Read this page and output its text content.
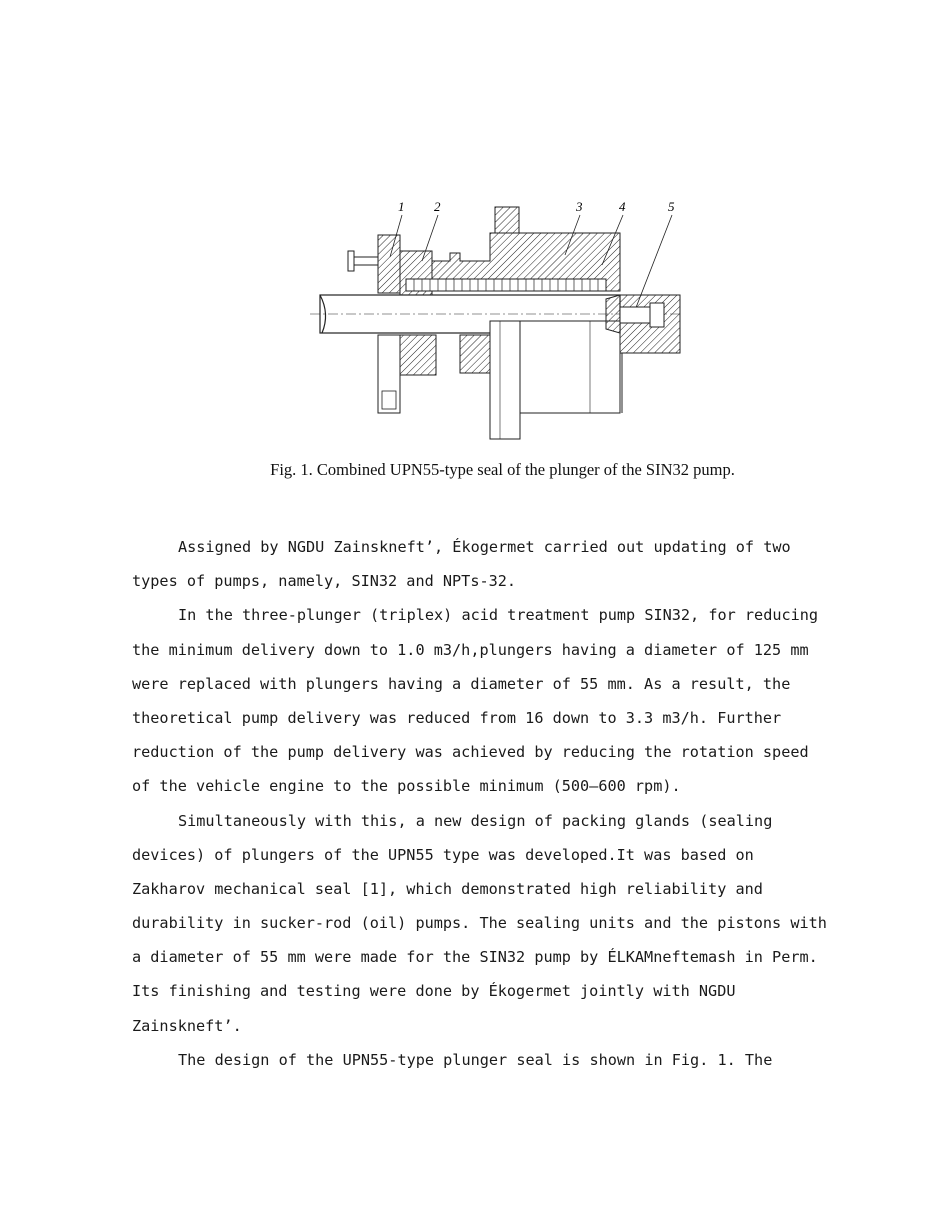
1 2	3	4	5
Fig. 1. Combined UPN55-type seal of the plunger of the SIN32 pump.
Assigned by NGDU Zainskneft’, Ékogermet carried out updating of two
types of pumps, namely, SIN32 and NPTs-32.
In the three-plunger (triplex) acid treatment pump SIN32, for reducing
the minimum delivery down to 1.0 m3/h,plungers having a diameter of 125 mm
were replaced with plungers having a diameter of 55 mm. As a result, the
theoretical pump delivery was reduced from 16 down to 3.3 m3/h. Further
reduction of the pump delivery was achieved by reducing the rotation speed
of the vehicle engine to the possible minimum (500–600 rpm).
Simultaneously with this, a new design of packing glands (sealing
devices) of plungers of the UPN55 type was developed.It was based on
Zakharov mechanical seal [1], which demonstrated high reliability and
durability in sucker-rod (oil) pumps. The sealing units and the pistons with
a diameter of 55 mm were made for the SIN32 pump by ÉLKAMneftemash in Perm.
Its finishing and testing were done by Ékogermet jointly with NGDU
Zainskneft’.
The design of the UPN55-type plunger seal is shown in Fig. 1. The
